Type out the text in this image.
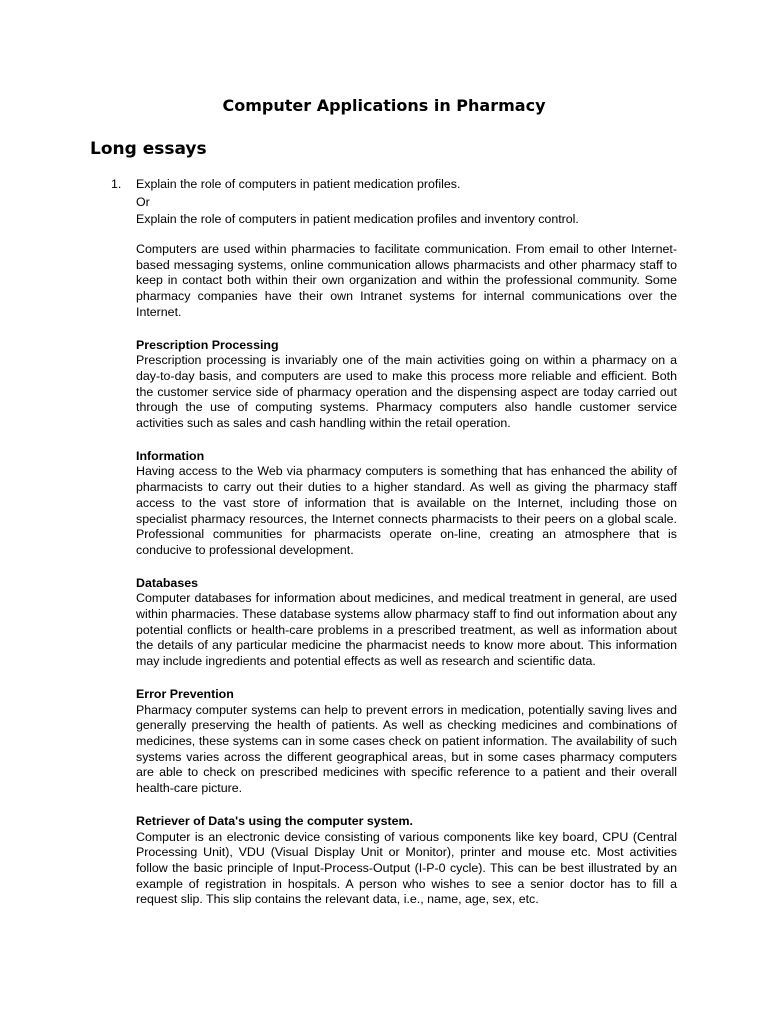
Computer Applications in Pharmacy
Long essays
1. Explain the role of computers in patient medication profiles.
Or
Explain the role of computers in patient medication profiles and inventory control.

Computers are used within pharmacies to facilitate communication. From email to other Internet-based messaging systems, online communication allows pharmacists and other pharmacy staff to keep in contact both within their own organization and within the professional community. Some pharmacy companies have their own Intranet systems for internal communications over the Internet.

Prescription Processing

Prescription processing is invariably one of the main activities going on within a pharmacy on a day-to-day basis, and computers are used to make this process more reliable and efficient. Both the customer service side of pharmacy operation and the dispensing aspect are today carried out through the use of computing systems. Pharmacy computers also handle customer service activities such as sales and cash handling within the retail operation.

Information

Having access to the Web via pharmacy computers is something that has enhanced the ability of pharmacists to carry out their duties to a higher standard. As well as giving the pharmacy staff access to the vast store of information that is available on the Internet, including those on specialist pharmacy resources, the Internet connects pharmacists to their peers on a global scale. Professional communities for pharmacists operate on-line, creating an atmosphere that is conducive to professional development.

Databases

Computer databases for information about medicines, and medical treatment in general, are used within pharmacies. These database systems allow pharmacy staff to find out information about any potential conflicts or health-care problems in a prescribed treatment, as well as information about the details of any particular medicine the pharmacist needs to know more about. This information may include ingredients and potential effects as well as research and scientific data.

Error Prevention

Pharmacy computer systems can help to prevent errors in medication, potentially saving lives and generally preserving the health of patients. As well as checking medicines and combinations of medicines, these systems can in some cases check on patient information. The availability of such systems varies across the different geographical areas, but in some cases pharmacy computers are able to check on prescribed medicines with specific reference to a patient and their overall health-care picture.

Retriever of Data's using the computer system.

Computer is an electronic device consisting of various components like key board, CPU (Central Processing Unit), VDU (Visual Display Unit or Monitor), printer and mouse etc. Most activities follow the basic principle of Input-Process-Output (I-P-0 cycle). This can be best illustrated by an example of registration in hospitals. A person who wishes to see a senior doctor has to fill a request slip. This slip contains the relevant data, i.e., name, age, sex, etc.
